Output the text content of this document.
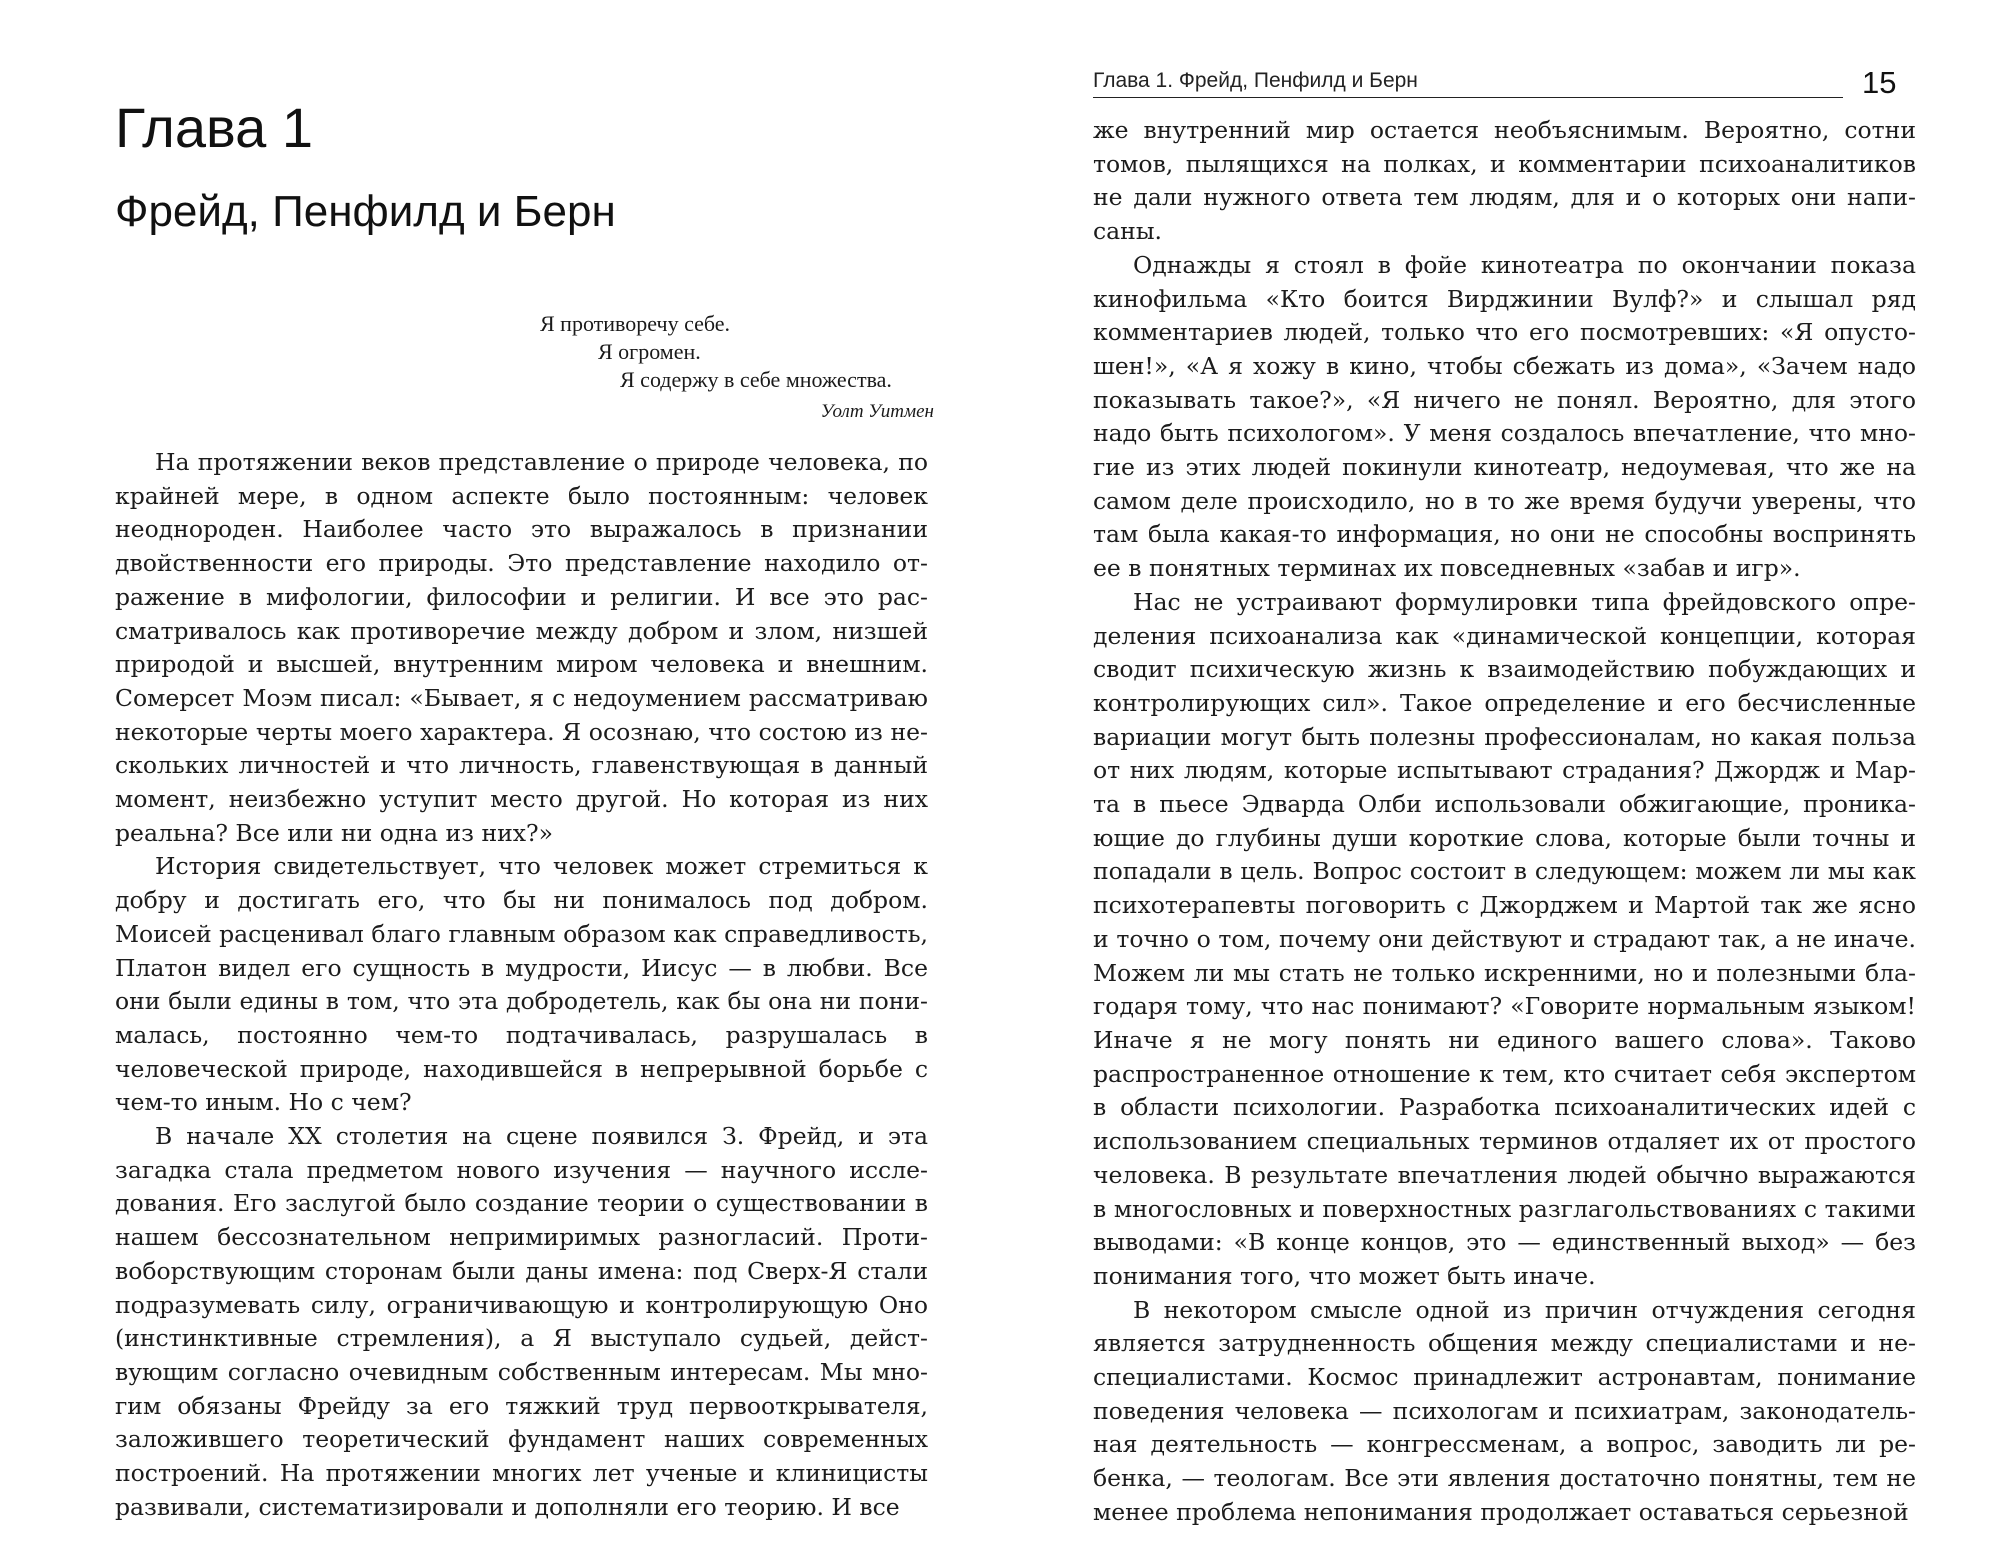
Глава 1
Фрейд, Пенфилд и Берн
Я противоречу себе.
Я огромен.
Я содержу в себе множества.
Уолт Уитмен

На протяжении веков представление о природе человека, по крайней мере, в одном аспекте было постоянным: человек неоднороден. Наиболее часто это выражалось в признании двойственности его природы. Это представление находило отражение в мифологии, философии и религии. И все это рассматривалось как противоречие между добром и злом, низшей природой и высшей, внутренним миром человека и внешним. Сомерсет Моэм писал: «Бывает, я с недоумением рассматриваю некоторые черты моего характера. Я осознаю, что состою из нескольких личностей и что личность, главенствующая в данный момент, неизбежно уступит место другой. Но которая из них реальна? Все или ни одна из них?»

История свидетельствует, что человек может стремиться к добру и достигать его, что бы ни понималось под добром. Моисей расценивал благо главным образом как справедливость, Платон видел его сущность в мудрости, Иисус — в любви. Все они были едины в том, что эта добродетель, как бы она ни понималась, постоянно чем-то подтачивалась, разрушалась в человеческой природе, находившейся в непрерывной борьбе с чем-то иным. Но с чем?

В начале XX столетия на сцене появился З. Фрейд, и эта загадка стала предметом нового изучения — научного исследования. Его заслугой было создание теории о существовании в нашем бессознательном непримиримых разногласий. Противоборствующим сторонам были даны имена: под Сверх-Я стали подразумевать силу, ограничивающую и контролирующую Оно (инстинктивные стремления), а Я выступало судьей, действующим согласно очевидным собственным интересам. Мы многим обязаны Фрейду за его тяжкий труд первооткрывателя, заложившего теоретический фундамент наших современных построений. На протяжении многих лет ученые и клиницисты развивали, систематизировали и дополняли его теорию. И все

Глава 1. Фрейд, Пенфилд и Берн	15

же внутренний мир остается необъяснимым. Вероятно, сотни томов, пылящихся на полках, и комментарии психоаналитиков не дали нужного ответа тем людям, для и о которых они написаны.

Однажды я стоял в фойе кинотеатра по окончании показа кинофильма «Кто боится Вирджинии Вулф?» и слышал ряд комментариев людей, только что его посмотревших: «Я опустошен!», «А я хожу в кино, чтобы сбежать из дома», «Зачем надо показывать такое?», «Я ничего не понял. Вероятно, для этого надо быть психологом». У меня создалось впечатление, что многие из этих людей покинули кинотеатр, недоумевая, что же на самом деле происходило, но в то же время будучи уверены, что там была какая-то информация, но они не способны воспринять ее в понятных терминах их повседневных «забав и игр».

Нас не устраивают формулировки типа фрейдовского определения психоанализа как «динамической концепции, которая сводит психическую жизнь к взаимодействию побуждающих и контролирующих сил». Такое определение и его бесчисленные вариации могут быть полезны профессионалам, но какая польза от них людям, которые испытывают страдания? Джордж и Марта в пьесе Эдварда Олби использовали обжигающие, проникающие до глубины души короткие слова, которые были точны и попадали в цель. Вопрос состоит в следующем: можем ли мы как психотерапевты поговорить с Джорджем и Мартой так же ясно и точно о том, почему они действуют и страдают так, а не иначе. Можем ли мы стать не только искренними, но и полезными благодаря тому, что нас понимают? «Говорите нормальным языком! Иначе я не могу понять ни единого вашего слова». Таково распространенное отношение к тем, кто считает себя экспертом в области психологии. Разработка психоаналитических идей с использованием специальных терминов отдаляет их от простого человека. В результате впечатления людей обычно выражаются в многословных и поверхностных разглагольствованиях с такими выводами: «В конце концов, это — единственный выход» — без понимания того, что может быть иначе.

В некотором смысле одной из причин отчуждения сегодня является затрудненность общения между специалистами и неспециалистами. Космос принадлежит астронавтам, понимание поведения человека — психологам и психиатрам, законодательная деятельность — конгрессменам, а вопрос, заводить ли ребенка, — теологам. Все эти явления достаточно понятны, тем не менее проблема непонимания продолжает оставаться серьезной
